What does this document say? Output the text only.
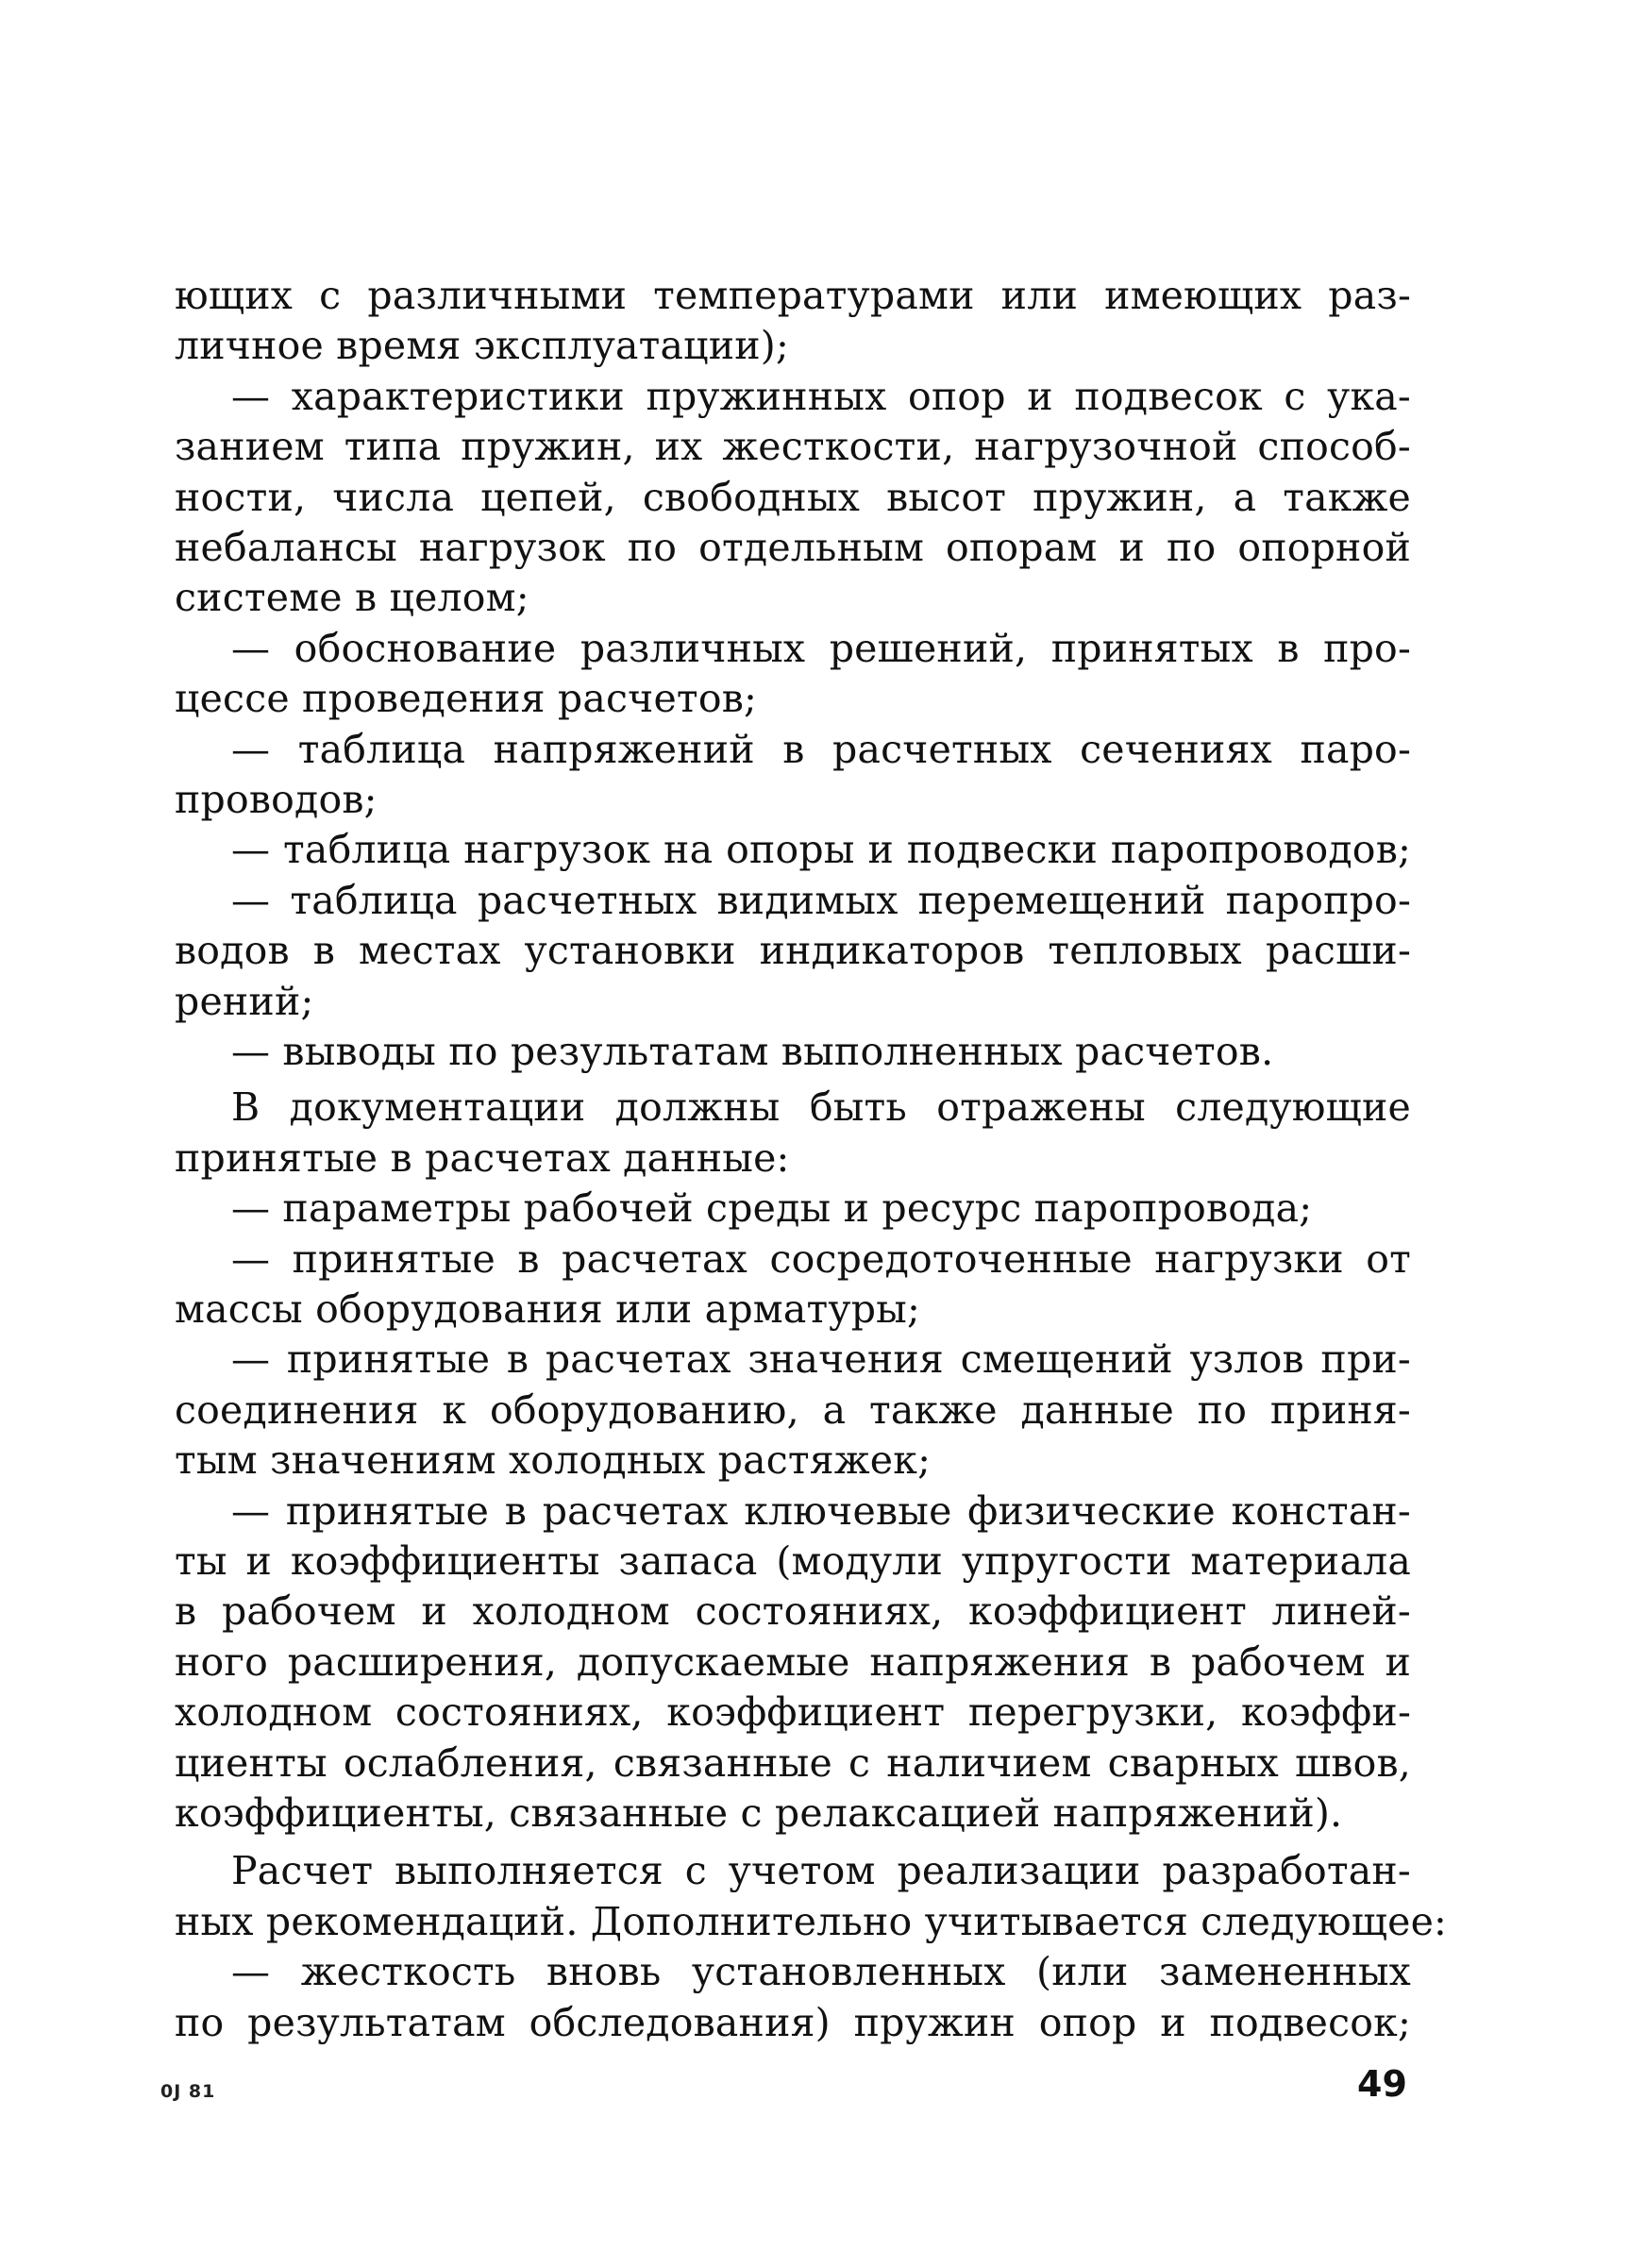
ющих с различными температурами или имеющих раз-
личное время эксплуатации);
— характеристики пружинных опор и подвесок с ука-
занием типа пружин, их жесткости, нагрузочной способ-
ности, числа цепей, свободных высот пружин, а также
небалансы нагрузок по отдельным опорам и по опорной
системе в целом;
— обоснование различных решений, принятых в про-
цессе проведения расчетов;
— таблица напряжений в расчетных сечениях паро-
проводов;
— таблица нагрузок на опоры и подвески паропроводов;
— таблица расчетных видимых перемещений паропро-
водов в местах установки индикаторов тепловых расши-
рений;
— выводы по результатам выполненных расчетов.
В документации должны быть отражены следующие
принятые в расчетах данные:
— параметры рабочей среды и ресурс паропровода;
— принятые в расчетах сосредоточенные нагрузки от
массы оборудования или арматуры;
— принятые в расчетах значения смещений узлов при-
соединения к оборудованию, а также данные по приня-
тым значениям холодных растяжек;
— принятые в расчетах ключевые физические констан-
ты и коэффициенты запаса (модули упругости материала
в рабочем и холодном состояниях, коэффициент линей-
ного расширения, допускаемые напряжения в рабочем и
холодном состояниях, коэффициент перегрузки, коэффи-
циенты ослабления, связанные с наличием сварных швов,
коэффициенты, связанные с релаксацией напряжений).
Расчет выполняется с учетом реализации разработан-
ных рекомендаций. Дополнительно учитывается следующее:
— жесткость вновь установленных (или замененных
по результатам обследования) пружин опор и подвесок;
0J 81	49
